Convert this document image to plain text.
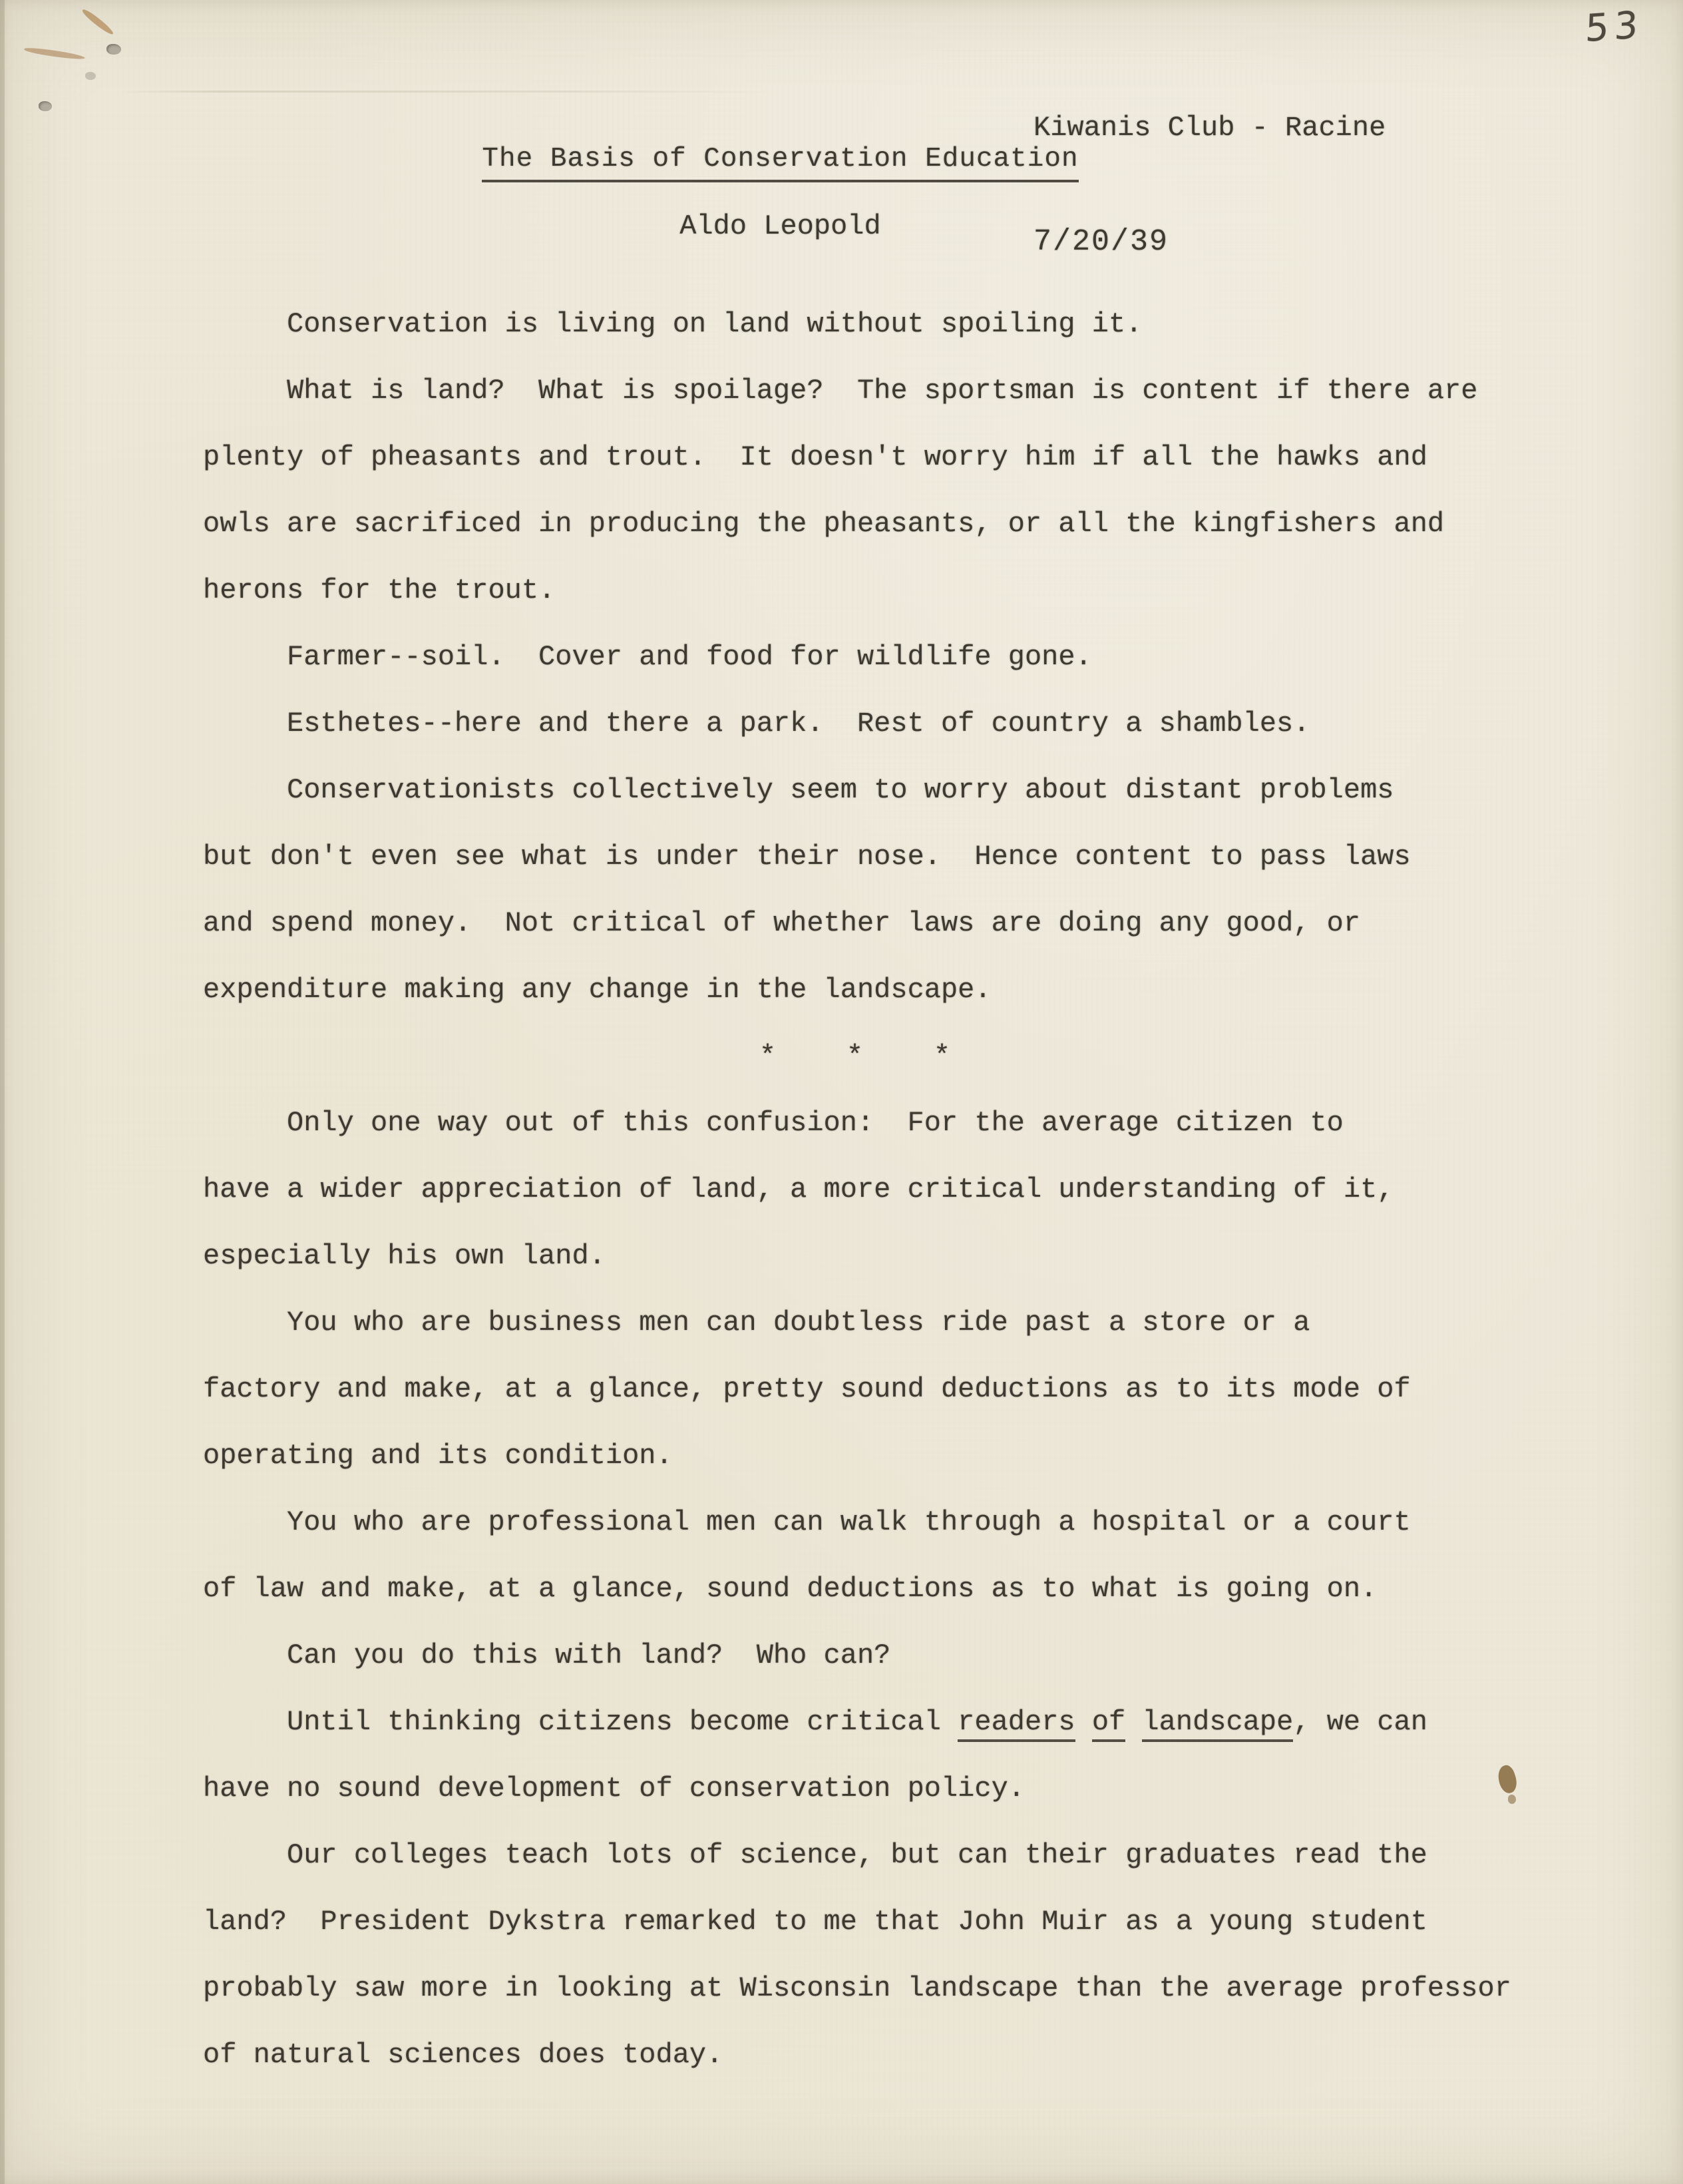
53

Kiwanis Club - Racine

7/20/39

The Basis of Conservation Education
Aldo Leopold
Conservation is living on land without spoiling it.
What is land?  What is spoilage?  The sportsman is content if there are
plenty of pheasants and trout.  It doesn't worry him if all the hawks and
owls are sacrificed in producing the pheasants, or all the kingfishers and
herons for the trout.
Farmer--soil.  Cover and food for wildlife gone.
Esthetes--here and there a park.  Rest of country a shambles.
Conservationists collectively seem to worry about distant problems
but don't even see what is under their nose.  Hence content to pass laws
and spend money.  Not critical of whether laws are doing any good, or
expenditure making any change in the landscape.
*    *    *
Only one way out of this confusion:  For the average citizen to
have a wider appreciation of land, a more critical understanding of it,
especially his own land.
You who are business men can doubtless ride past a store or a
factory and make, at a glance, pretty sound deductions as to its mode of
operating and its condition.
You who are professional men can walk through a hospital or a court
of law and make, at a glance, sound deductions as to what is going on.
Can you do this with land?  Who can?
Until thinking citizens become critical readers of landscape, we can
have no sound development of conservation policy.
Our colleges teach lots of science, but can their graduates read the
land?  President Dykstra remarked to me that John Muir as a young student
probably saw more in looking at Wisconsin landscape than the average professor
of natural sciences does today.
